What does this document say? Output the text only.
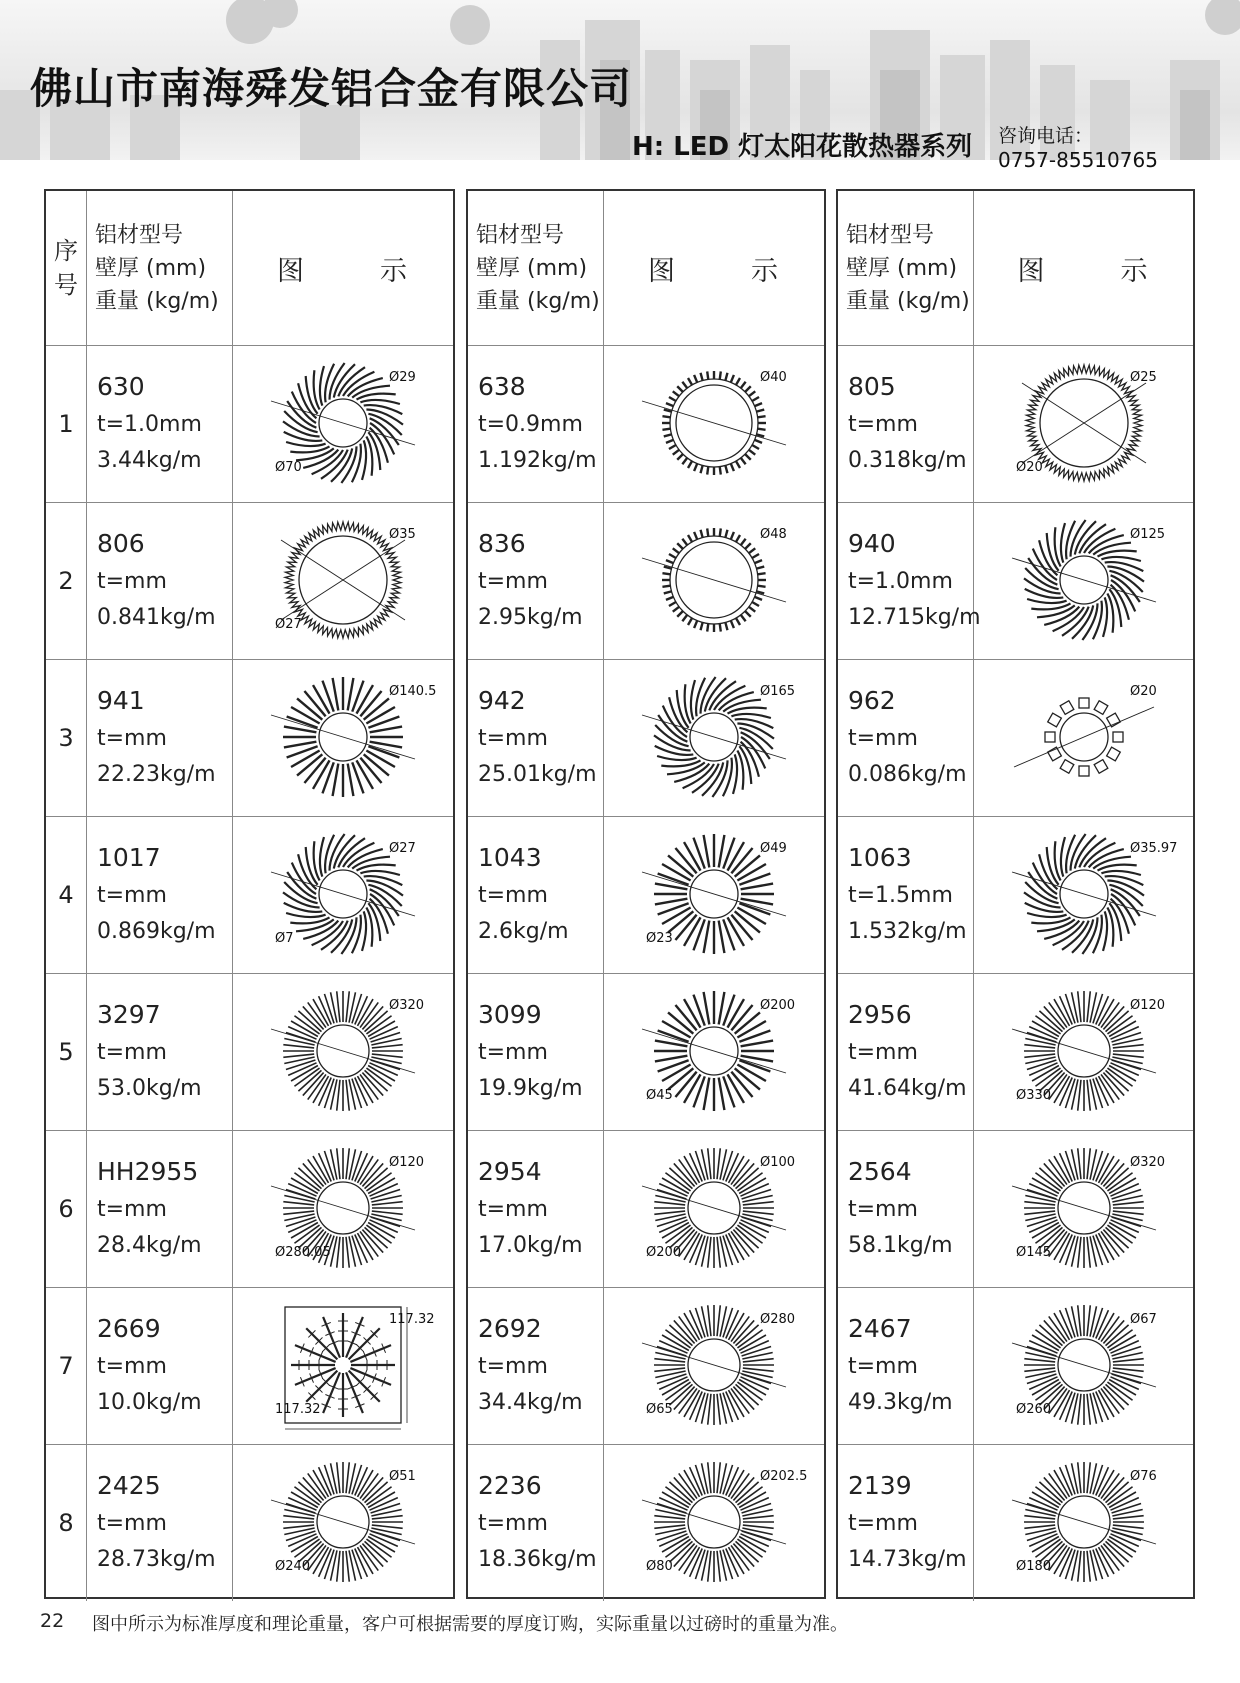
佛山市南海舜发铝合金有限公司
H: LED 灯太阳花散热器系列 咨询电话：
0757-85510765
序
号	铝材型号
壁厚 (mm)
重量 (kg/m)	图 示
1	630
t=1.0mm
3.44kg/m	Ø29
Ø70

2	806
t=mm
0.841kg/m	Ø35
Ø27

3	941
t=mm
22.23kg/m	Ø140.5

4	1017
t=mm
0.869kg/m	Ø27
Ø7

5	3297
t=mm
53.0kg/m	Ø320

6	HH2955
t=mm
28.4kg/m	Ø120
Ø280.05

7	2669
t=mm
10.0kg/m	117.32
117.32

8	2425
t=mm
28.73kg/m	Ø51
Ø240
铝材型号
壁厚 (mm)
重量 (kg/m)	图 示

638
t=0.9mm
1.192kg/m	Ø40

836
t=mm
2.95kg/m	Ø48

942
t=mm
25.01kg/m	Ø165

1043
t=mm
2.6kg/m	Ø49
Ø23

3099
t=mm
19.9kg/m	Ø200
Ø45

2954
t=mm
17.0kg/m	Ø100
Ø200

2692
t=mm
34.4kg/m	Ø280
Ø65

2236
t=mm
18.36kg/m	Ø202.5
Ø80
铝材型号
壁厚 (mm)
重量 (kg/m)	图 示

805
t=mm
0.318kg/m	Ø25
Ø20

940
t=1.0mm
12.715kg/m	Ø125

962
t=mm
0.086kg/m	Ø20

1063
t=1.5mm
1.532kg/m	Ø35.97

2956
t=mm
41.64kg/m	Ø120
Ø330

2564
t=mm
58.1kg/m	Ø320
Ø145

2467
t=mm
49.3kg/m	Ø67
Ø260

2139
t=mm
14.73kg/m	Ø76
Ø180
22 图中所示为标准厚度和理论重量，客户可根据需要的厚度订购，实际重量以过磅时的重量为准。
